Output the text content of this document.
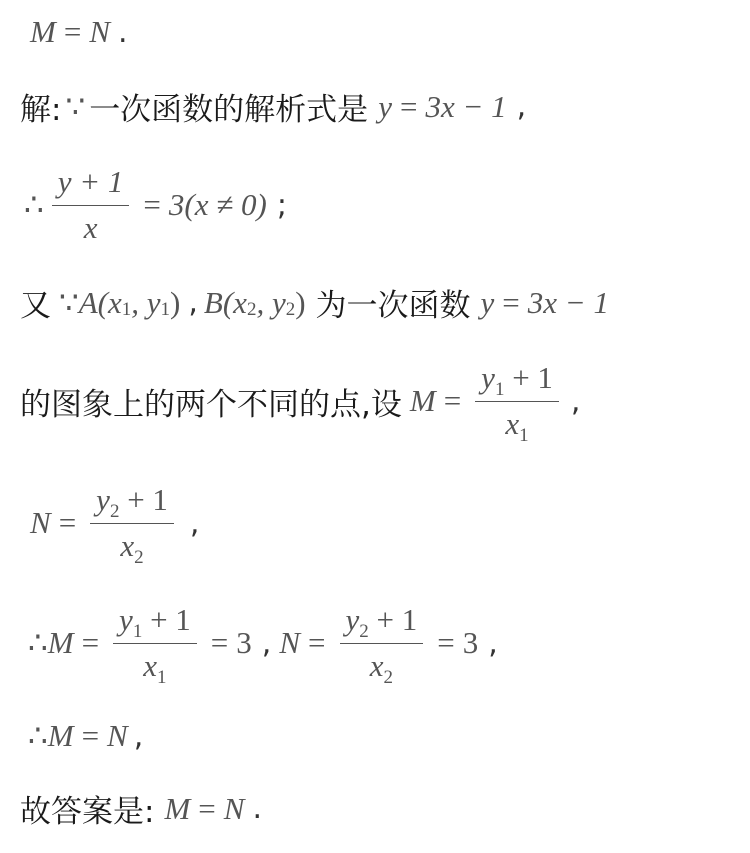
M = N .
解: ∵ 一次函数的解析式是 y = 3x − 1 ,
∴ $\frac{y + 1}{x} = 3(x \ne 0)$ ;
又 ∵ A (x 1 , y 1 ) , B (x 2 , y 2 ) 为一次函数 y = 3x − 1
的图象上的两个不同的点,设 $M = \frac{y_1 + 1}{x_1}$ ,
$N = \frac{y_2 + 1}{x_2}$ ,
∴ $M = \frac{y_1 + 1}{x_1} = 3$ , $N = \frac{y_2 + 1}{x_2} = 3$ ,
∴ M = N ,
故答案是: M = N .
